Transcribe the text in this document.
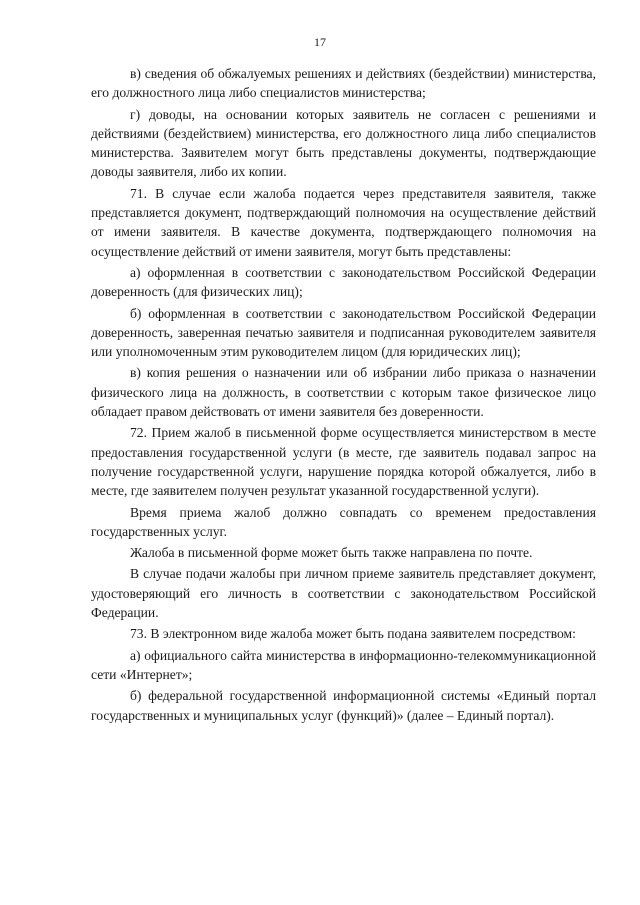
17

в) сведения об обжалуемых решениях и действиях (бездействии) министерства, его должностного лица либо специалистов министерства;

г) доводы, на основании которых заявитель не согласен с решениями и действиями (бездействием) министерства, его должностного лица либо специалистов министерства. Заявителем могут быть представлены документы, подтверждающие доводы заявителя, либо их копии.

71. В случае если жалоба подается через представителя заявителя, также представляется документ, подтверждающий полномочия на осуществление действий от имени заявителя. В качестве документа, подтверждающего полномочия на осуществление действий от имени заявителя, могут быть представлены:

а) оформленная в соответствии с законодательством Российской Федерации доверенность (для физических лиц);

б) оформленная в соответствии с законодательством Российской Федерации доверенность, заверенная печатью заявителя и подписанная руководителем заявителя или уполномоченным этим руководителем лицом (для юридических лиц);

в) копия решения о назначении или об избрании либо приказа о назначении физического лица на должность, в соответствии с которым такое физическое лицо обладает правом действовать от имени заявителя без доверенности.

72. Прием жалоб в письменной форме осуществляется министерством в месте предоставления государственной услуги (в месте, где заявитель подавал запрос на получение государственной услуги, нарушение порядка которой обжалуется, либо в месте, где заявителем получен результат указанной государственной услуги).

Время приема жалоб должно совпадать со временем предоставления государственных услуг.

Жалоба в письменной форме может быть также направлена по почте.

В случае подачи жалобы при личном приеме заявитель представляет документ, удостоверяющий его личность в соответствии с законодательством Российской Федерации.

73. В электронном виде жалоба может быть подана заявителем посредством:

а) официального сайта министерства в информационно-телекоммуникационной сети «Интернет»;

б) федеральной государственной информационной системы «Единый портал государственных и муниципальных услуг (функций)» (далее – Единый портал).
